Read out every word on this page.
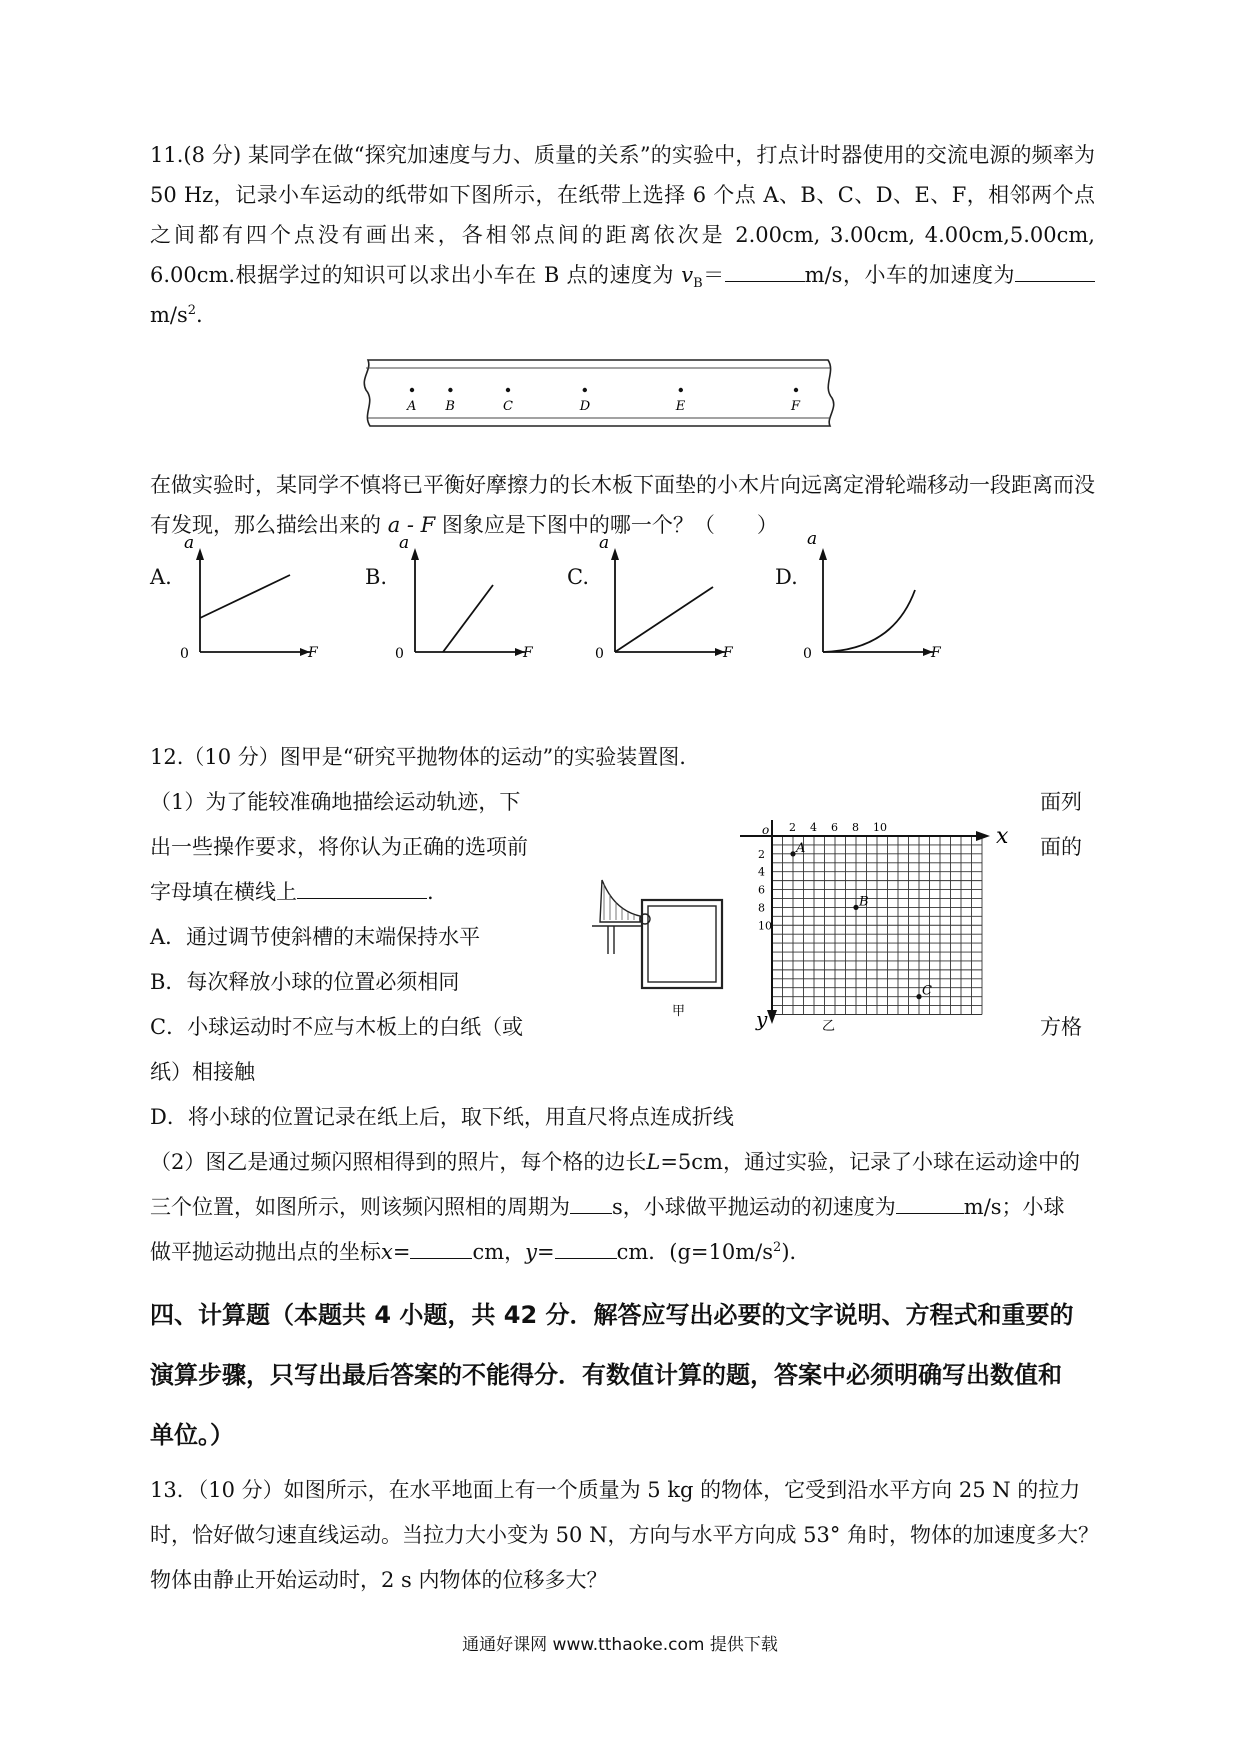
11.(8 分) 某同学在做“探究加速度与力、质量的关系”的实验中，打点计时器使用的交流电源的频率为 50 Hz，记录小车运动的纸带如下图所示，在纸带上选择 6 个点 A、B、C、D、E、F，相邻两个点之间都有四个点没有画出来，各相邻点间的距离依次是 2.00cm, 3.00cm, 4.00cm,5.00cm, 6.00cm.根据学过的知识可以求出小车在 B 点的速度为 $v_B=$	m/s，小车的加速度为$m/s^2$.
A B	C	D	E	F
在做实验时，某同学不慎将已平衡好摩擦力的长木板下面垫的小木片向远离定滑轮端移动一段距离而没有发现，那么描绘出来的 a - F 图象应是下图中的哪一个？（　　）
A.	B.	C.	D.
a
F
0
a
F
0
a
F
0
a
F
0
12.（10 分）图甲是“研究平抛物体的运动”的实验装置图.
（1）为了能较准确地描绘运动轨迹，下
出一些操作要求，将你认为正确的选项前
字母填在横线上	.
面列
面的
方格
A．通过调节使斜槽的末端保持水平
B．每次释放小球的位置必须相同
C．小球运动时不应与木板上的白纸（或
纸）相接触
D．将小球的位置记录在纸上后，取下纸，用直尺将点连成折线
甲
o	x
y	乙
2 4 6 8 10
2
4
6
8
10
A
B
C
（2）图乙是通过频闪照相得到的照片，每个格的边长L=5cm，通过实验，记录了小球在运动途中的
三个位置，如图所示，则该频闪照相的周期为 s，小球做平抛运动的初速度为	m/s；小球
做平抛运动抛出点的坐标x=	cm，y=	cm．$(g=10m/s^2)$．
四、计算题（本题共 4 小题，共 42 分．解答应写出必要的文字说明、方程式和重要的
演算步骤，只写出最后答案的不能得分．有数值计算的题，答案中必须明确写出数值和
单位。）
13．（10 分）如图所示，在水平地面上有一个质量为 5 kg 的物体，它受到沿水平方向 25 N 的拉力
时，恰好做匀速直线运动。当拉力大小变为 50 N，方向与水平方向成 53° 角时，物体的加速度多大？
物体由静止开始运动时，2 s 内物体的位移多大？
通通好课网 www.tthaoke.com 提供下载
